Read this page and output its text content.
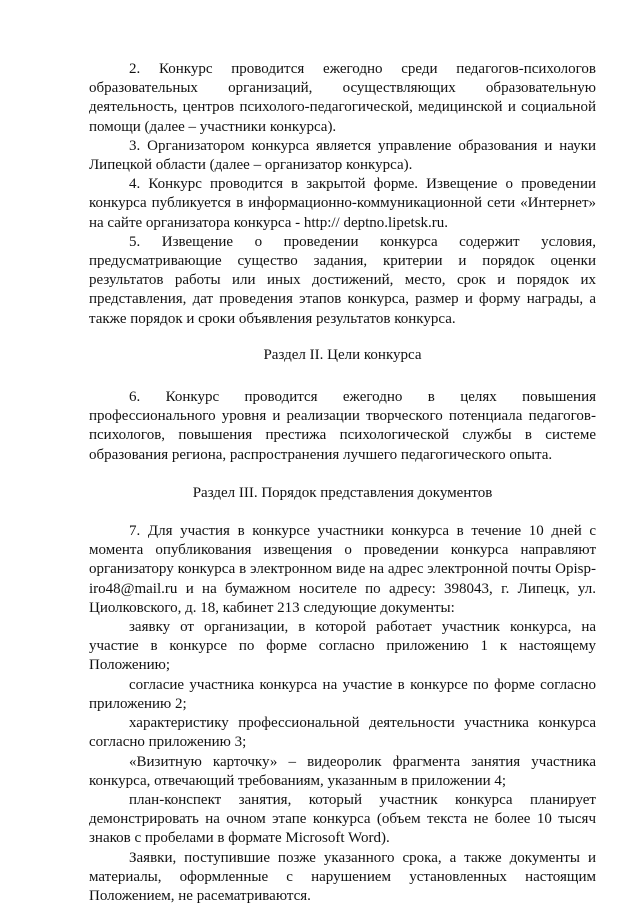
2. Конкурс проводится ежегодно среди педагогов-психологов образовательных организаций, осуществляющих образовательную деятельность, центров психолого-педагогической, медицинской и социальной помощи (далее – участники конкурса).

3. Организатором конкурса является управление образования и науки Липецкой области (далее – организатор конкурса).

4. Конкурс проводится в закрытой форме. Извещение о проведении конкурса публикуется в информационно-коммуникационной сети «Интернет» на сайте организатора конкурса - http:// deptno.lipetsk.ru.

5. Извещение о проведении конкурса содержит условия, предусматривающие существо задания, критерии и порядок оценки результатов работы или иных достижений, место, срок и порядок их представления, дат проведения этапов конкурса, размер и форму награды, а также порядок и сроки объявления результатов конкурса.

Раздел II. Цели конкурса

6. Конкурс проводится ежегодно в целях повышения профессионального уровня и реализации творческого потенциала педагогов-психологов, повышения престижа психологической службы в системе образования региона, распространения лучшего педагогического опыта.

Раздел III. Порядок представления документов

7. Для участия в конкурсе участники конкурса в течение 10 дней с момента опубликования извещения о проведении конкурса направляют организатору конкурса в электронном виде на адрес электронной почты Opisp-iro48@mail.ru и на бумажном носителе по адресу: 398043, г. Липецк, ул. Циолковского, д. 18, кабинет 213 следующие документы:

заявку от организации, в которой работает участник конкурса, на участие в конкурсе по форме согласно приложению 1 к настоящему Положению;

согласие участника конкурса на участие в конкурсе по форме согласно приложению 2;

характеристику профессиональной деятельности участника конкурса согласно приложению 3;

«Визитную карточку» – видеоролик фрагмента занятия участника конкурса, отвечающий требованиям, указанным в приложении 4;

план-конспект занятия, который участник конкурса планирует демонстрировать на очном этапе конкурса (объем текста не более 10 тысяч знаков с пробелами в формате Microsoft Word).

Заявки, поступившие позже указанного срока, а также документы и материалы, оформленные с нарушением установленных настоящим Положением, не расематриваются.
